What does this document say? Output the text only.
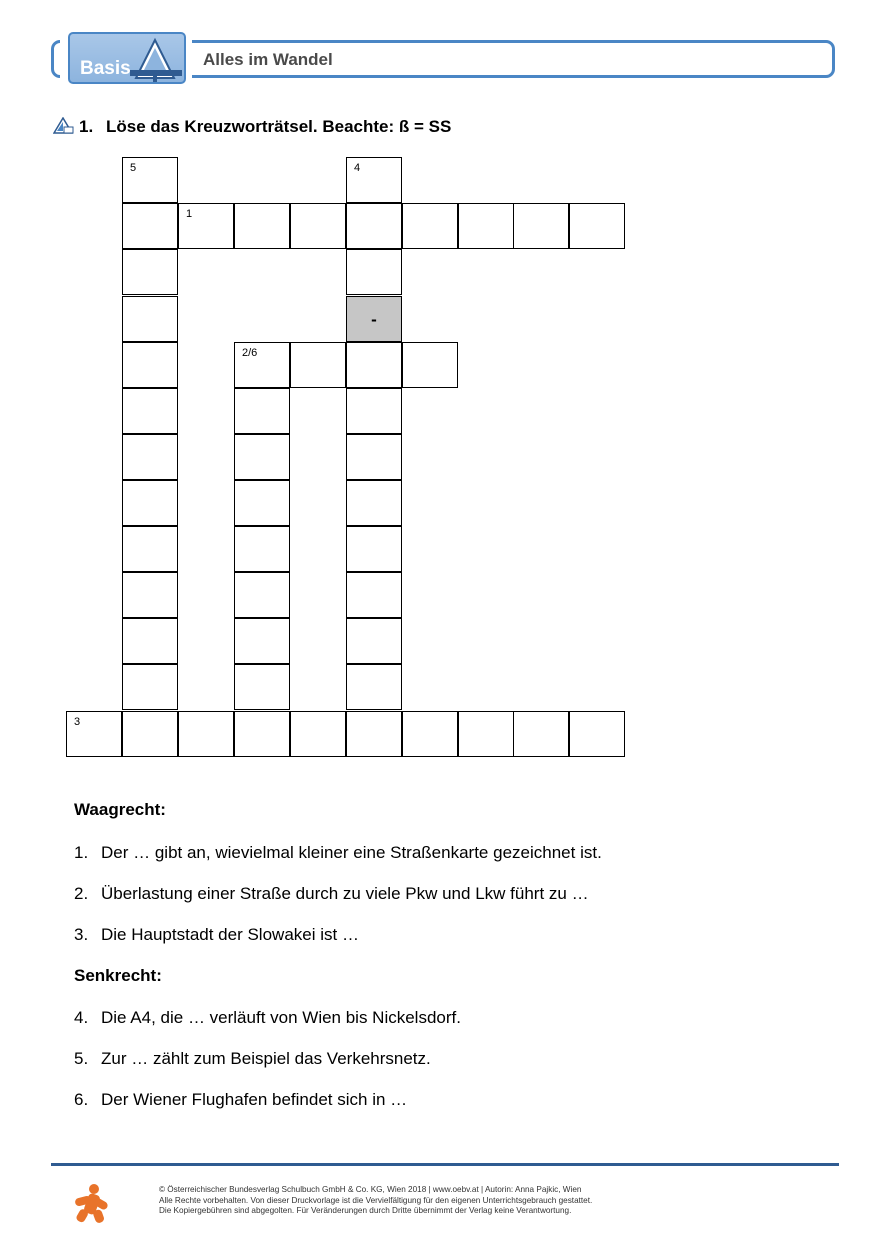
Basis	Alles im Wandel
1. Löse das Kreuzworträtsel. Beachte: ß = SS
5	4
1
-
2/6
3
Waagrecht:
1. Der … gibt an, wievielmal kleiner eine Straßenkarte gezeichnet ist.
2. Überlastung einer Straße durch zu viele Pkw und Lkw führt zu …
3. Die Hauptstadt der Slowakei ist …
Senkrecht:
4. Die A4, die … verläuft von Wien bis Nickelsdorf.
5. Zur … zählt zum Beispiel das Verkehrsnetz.
6. Der Wiener Flughafen befindet sich in …
© Österreichischer Bundesverlag Schulbuch GmbH & Co. KG, Wien 2018 | www.oebv.at | Autorin: Anna Pajkic, Wien
Alle Rechte vorbehalten. Von dieser Druckvorlage ist die Vervielfältigung für den eigenen Unterrichtsgebrauch gestattet.
Die Kopiergebühren sind abgegolten. Für Veränderungen durch Dritte übernimmt der Verlag keine Verantwortung.
